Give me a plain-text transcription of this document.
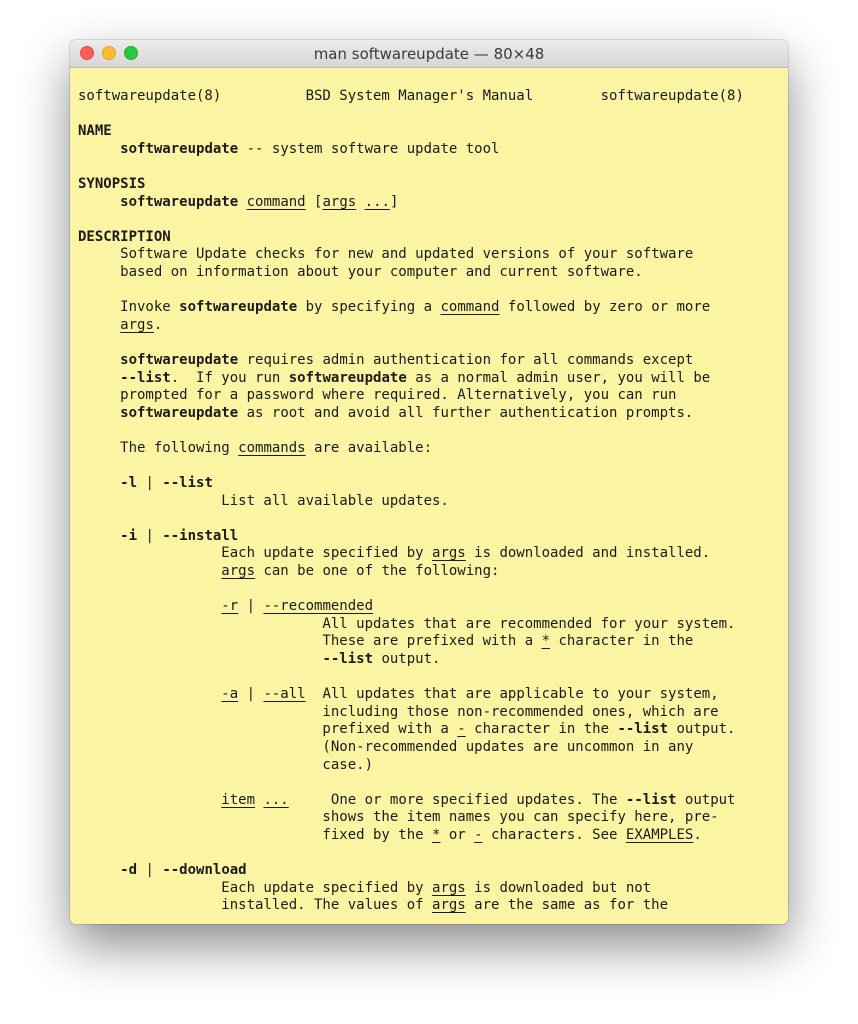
man softwareupdate — 80×48
softwareupdate(8)          BSD System Manager's Manual        softwareupdate(8)
NAME
softwareupdate -- system software update tool
SYNOPSIS
softwareupdate command [args ...]
DESCRIPTION
Software Update checks for new and updated versions of your software
based on information about your computer and current software.
Invoke softwareupdate by specifying a command followed by zero or more
args.
softwareupdate requires admin authentication for all commands except
--list.  If you run softwareupdate as a normal admin user, you will be
prompted for a password where required. Alternatively, you can run
softwareupdate as root and avoid all further authentication prompts.
The following commands are available:
-l | --list
List all available updates.
-i | --install
Each update specified by args is downloaded and installed.
args can be one of the following:
-r | --recommended
All updates that are recommended for your system.
These are prefixed with a * character in the
--list output.
-a | --all  All updates that are applicable to your system,
including those non-recommended ones, which are
prefixed with a - character in the --list output.
(Non-recommended updates are uncommon in any
case.)
item ...     One or more specified updates. The --list output
shows the item names you can specify here, pre-
fixed by the * or - characters. See EXAMPLES.
-d | --download
Each update specified by args is downloaded but not
installed. The values of args are the same as for the
